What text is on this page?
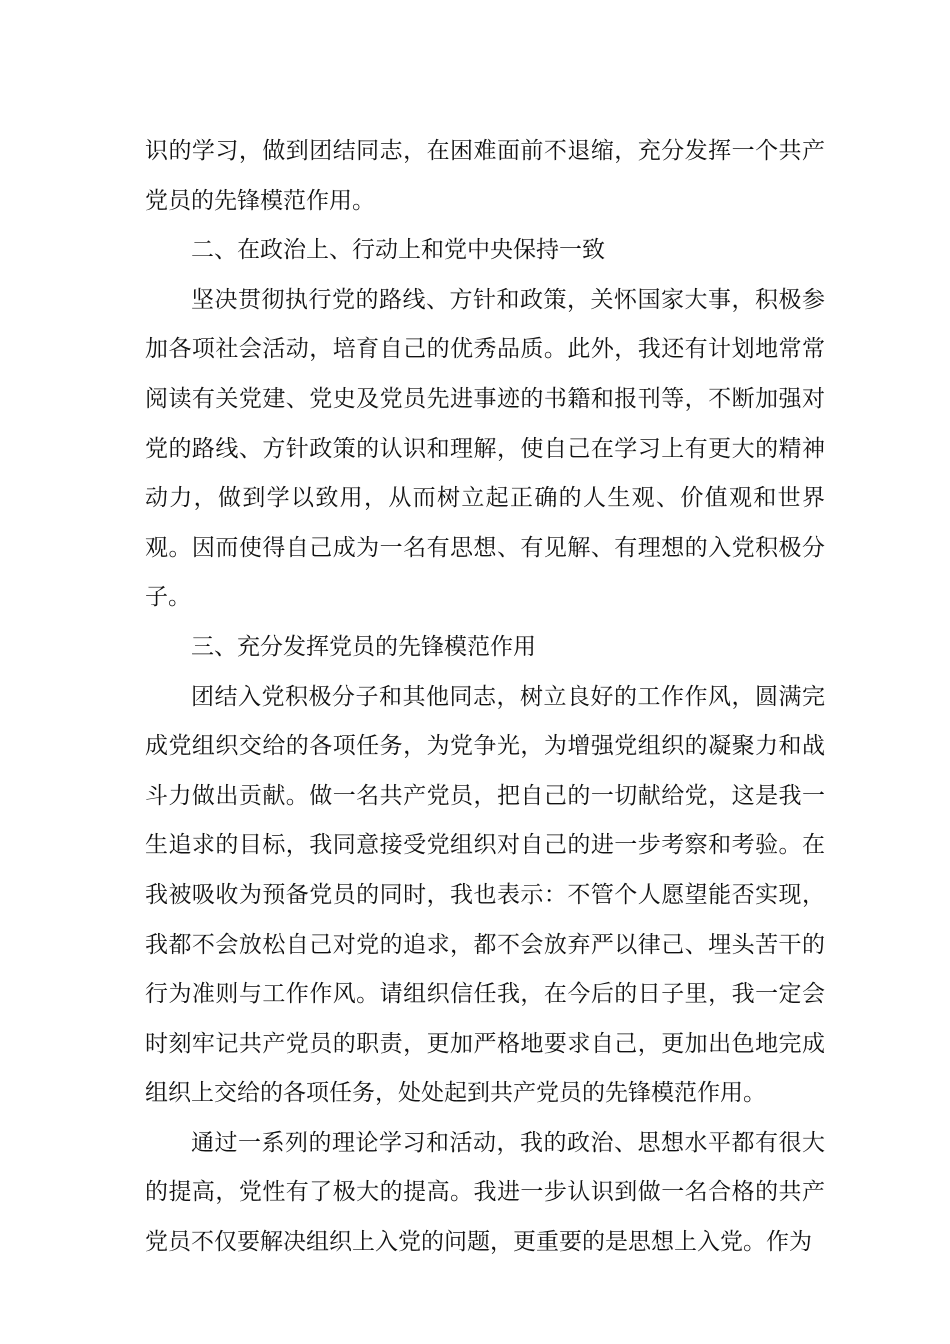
识的学习，做到团结同志，在困难面前不退缩，充分发挥一个共产党员的先锋模范作用。

二、在政治上、行动上和党中央保持一致

坚决贯彻执行党的路线、方针和政策，关怀国家大事，积极参加各项社会活动，培育自己的优秀品质。此外，我还有计划地常常阅读有关党建、党史及党员先进事迹的书籍和报刊等，不断加强对党的路线、方针政策的认识和理解，使自己在学习上有更大的精神动力，做到学以致用，从而树立起正确的人生观、价值观和世界观。因而使得自己成为一名有思想、有见解、有理想的入党积极分子。

三、充分发挥党员的先锋模范作用

团结入党积极分子和其他同志，树立良好的工作作风，圆满完成党组织交给的各项任务，为党争光，为增强党组织的凝聚力和战斗力做出贡献。做一名共产党员，把自己的一切献给党，这是我一生追求的目标，我同意接受党组织对自己的进一步考察和考验。在我被吸收为预备党员的同时，我也表示：不管个人愿望能否实现，我都不会放松自己对党的追求，都不会放弃严以律己、埋头苦干的行为准则与工作作风。请组织信任我，在今后的日子里，我一定会时刻牢记共产党员的职责，更加严格地要求自己，更加出色地完成组织上交给的各项任务，处处起到共产党员的先锋模范作用。

通过一系列的理论学习和活动，我的政治、思想水平都有很大的提高，党性有了极大的提高。我进一步认识到做一名合格的共产党员不仅要解决组织上入党的问题，更重要的是思想上入党。作为
